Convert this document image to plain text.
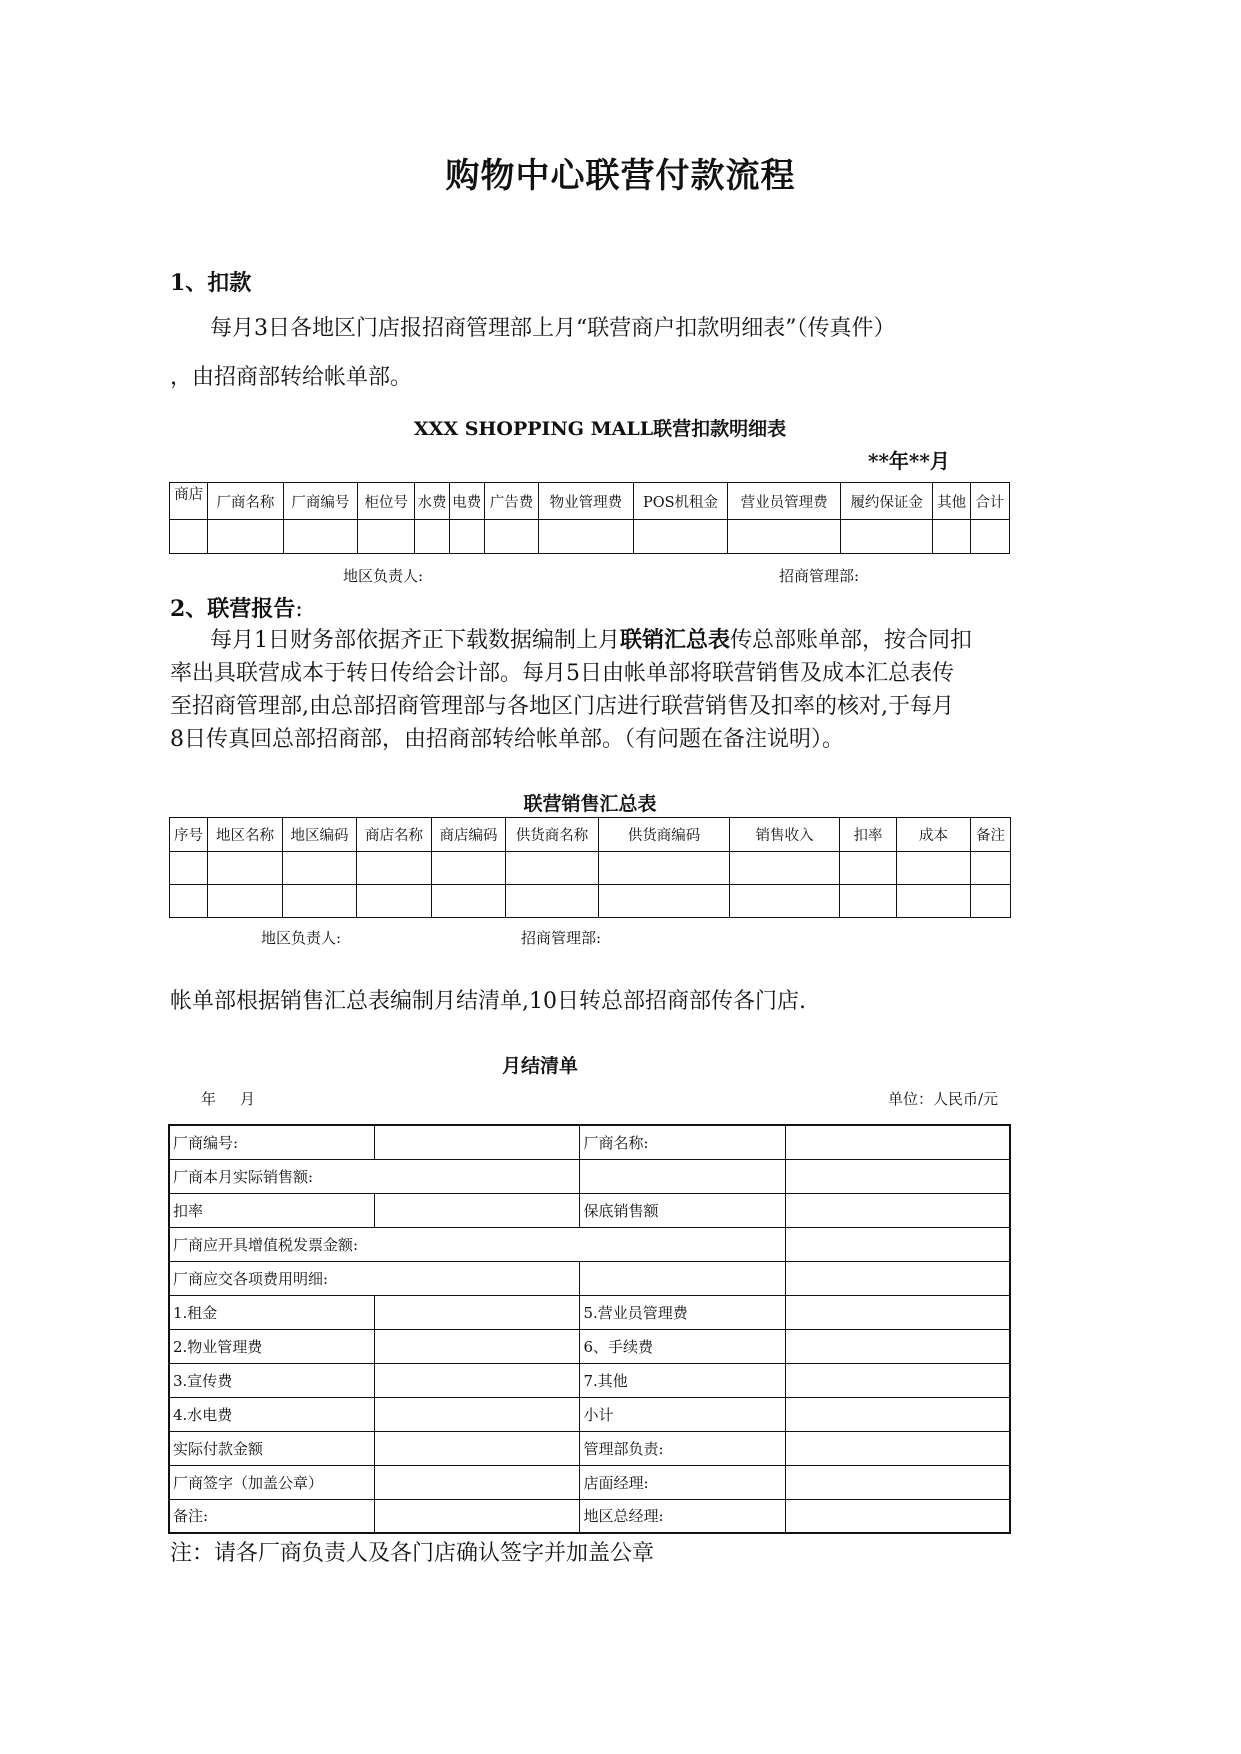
购物中心联营付款流程
1、扣款
每月3日各地区门店报招商管理部上月“联营商户扣款明细表”（传真件）
，由招商部转给帐单部。
XXX SHOPPING MALL联营扣款明细表
**年**月
商店	厂商名称	厂商编号	柜位号	水费	电费	广告费	物业管理费	POS机租金	营业员管理费	履约保证金	其他	合计

地区负责人:	招商管理部:
2、联营报告:
每月1日财务部依据齐正下载数据编制上月联销汇总表传总部账单部，按合同扣
率出具联营成本于转日传给会计部。每月5日由帐单部将联营销售及成本汇总表传
至招商管理部,由总部招商管理部与各地区门店进行联营销售及扣率的核对,于每月
8日传真回总部招商部，由招商部转给帐单部。（有问题在备注说明）。
联营销售汇总表
序号	地区名称	地区编码	商店名称	商店编码	供货商名称	供货商编码	销售收入	扣率	成本	备注

地区负责人:	招商管理部:
帐单部根据销售汇总表编制月结清单,10日转总部招商部传各门店.
月结清单
年 月	单位：人民币/元
厂商编号:		厂商名称:	
厂商本月实际销售额:			
扣率		保底销售额	
厂商应开具增值税发票金额:			
厂商应交各项费用明细:			
1.租金		5.营业员管理费	
2.物业管理费		6、手续费	
3.宣传费		7.其他	
4.水电费		小计	
实际付款金额		管理部负责:	
厂商签字（加盖公章）		店面经理:	
备注:		地区总经理:	
注：请各厂商负责人及各门店确认签字并加盖公章
